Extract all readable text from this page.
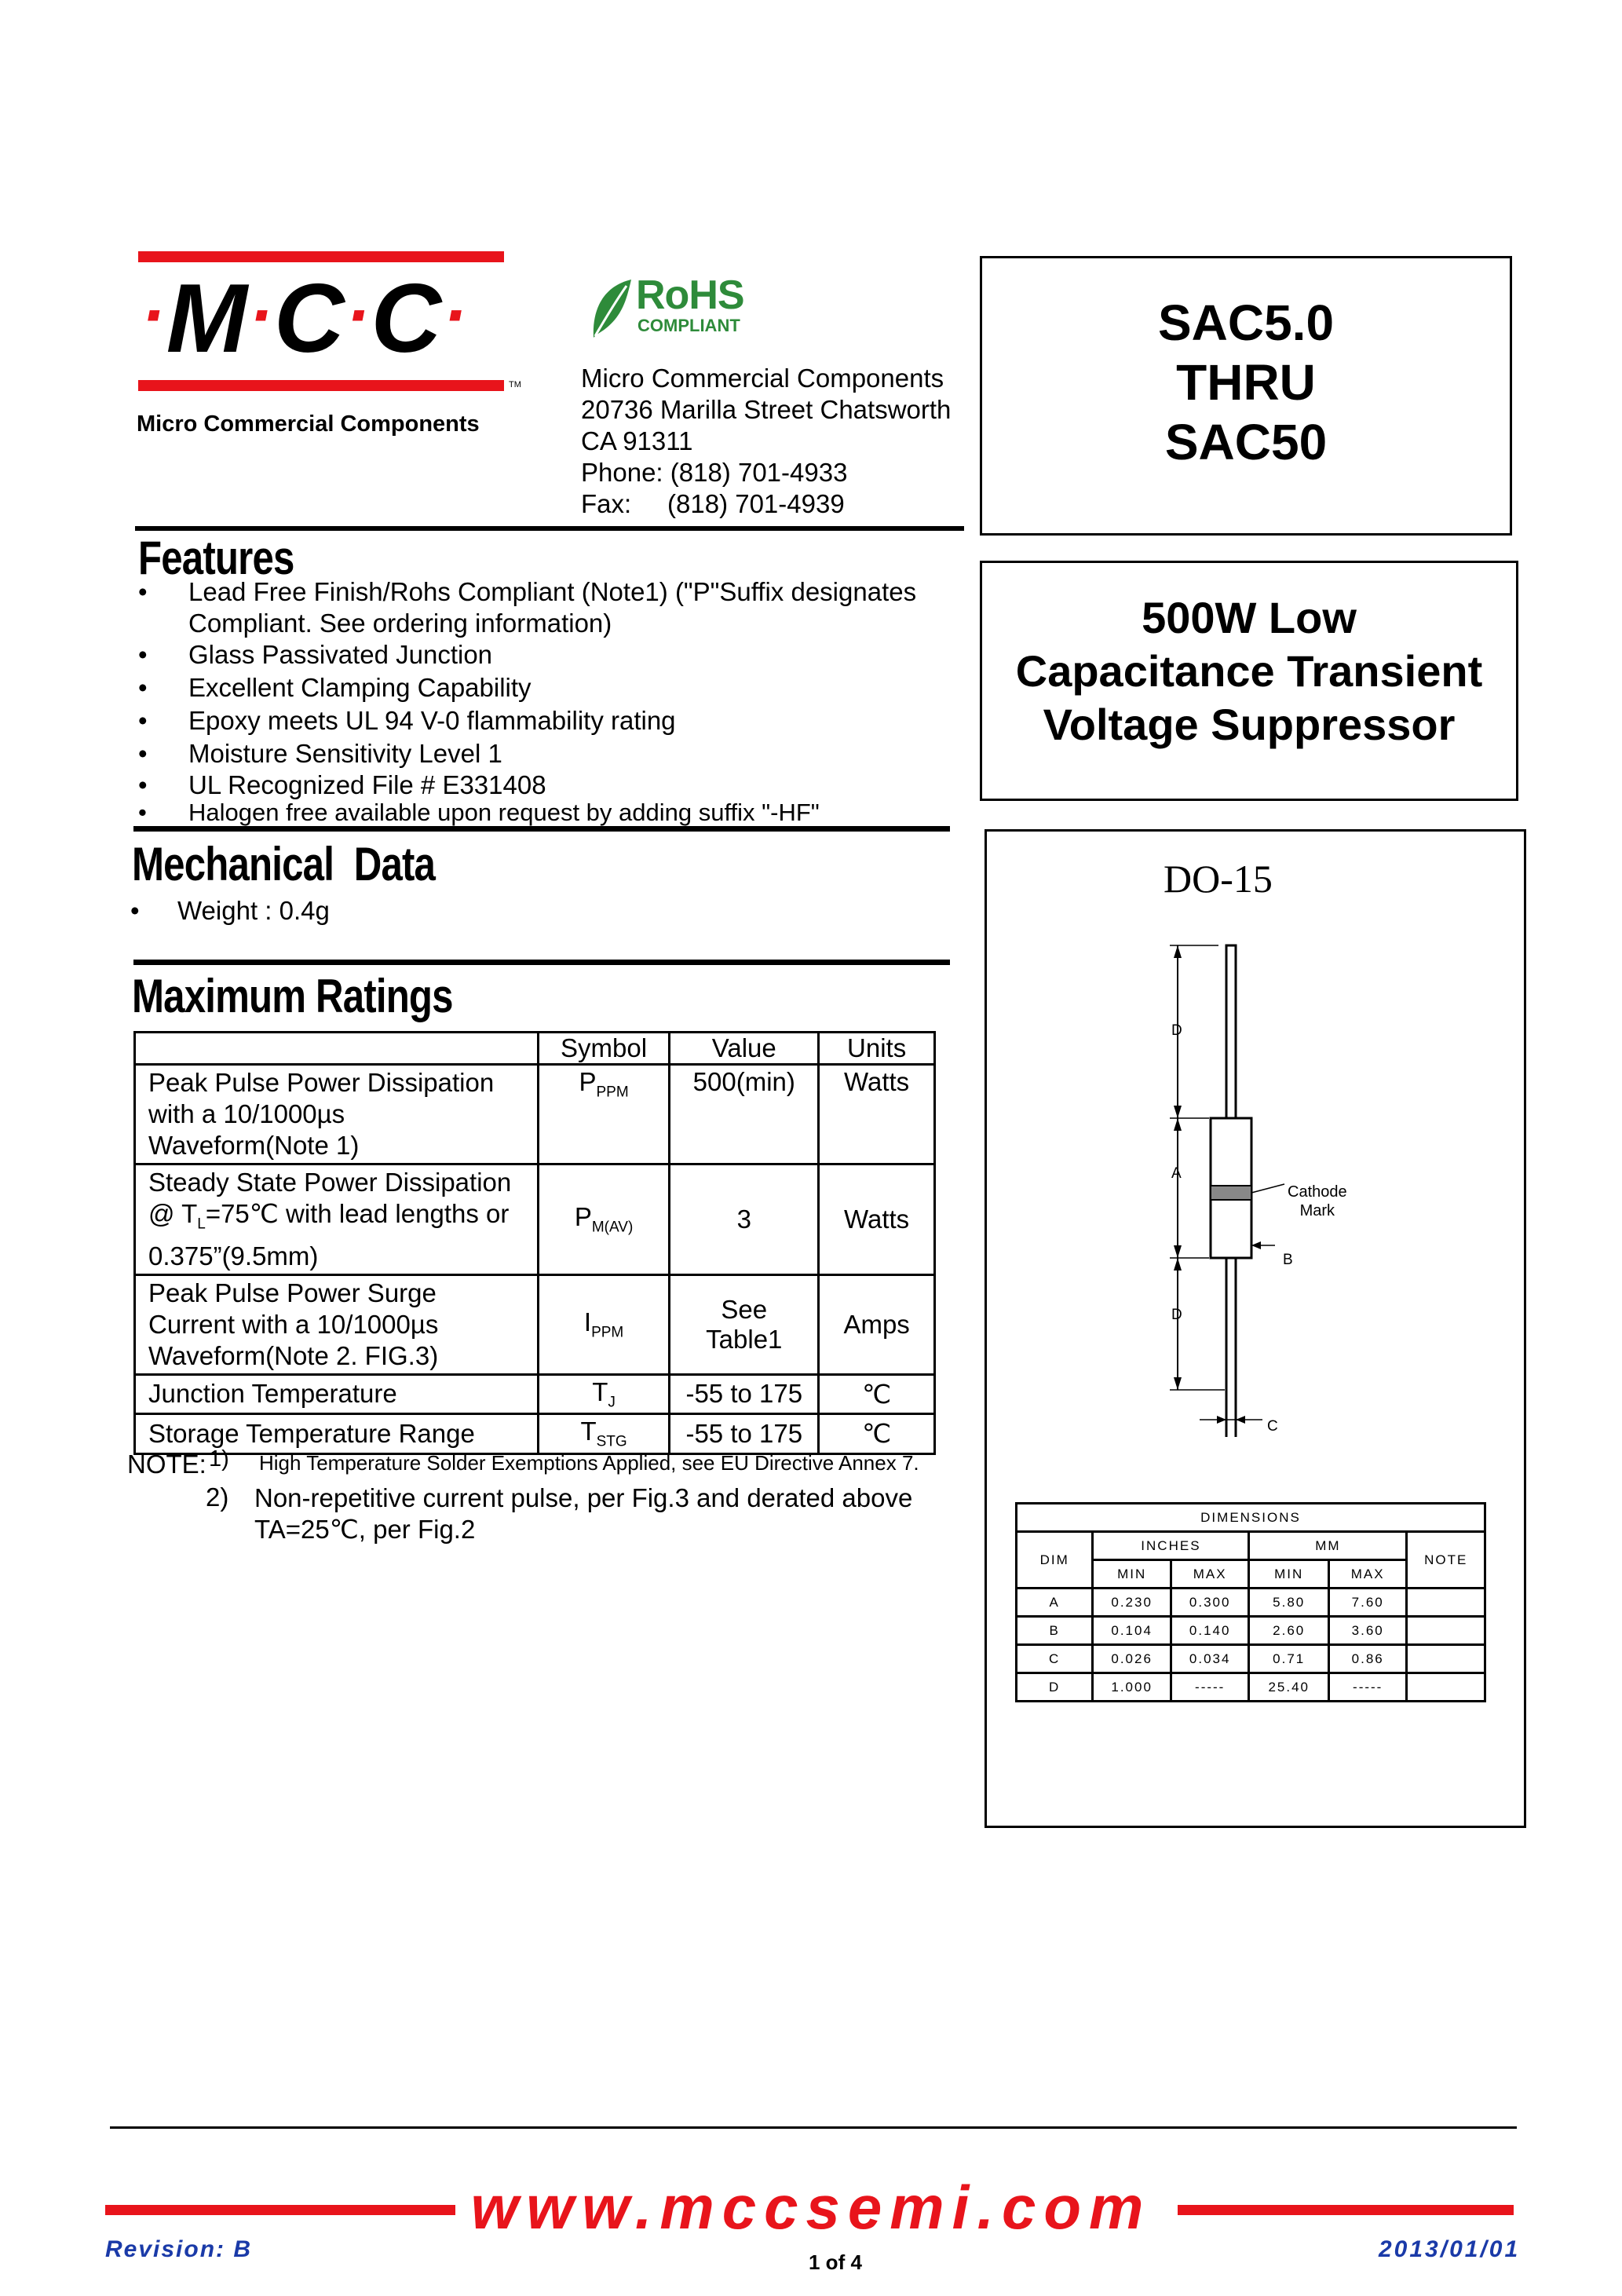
·M·C·C·
TM
Micro Commercial Components
RoHS
COMPLIANT
Micro Commercial Components
20736 Marilla Street Chatsworth
CA 91311
Phone: (818) 701-4933
Fax:     (818) 701-4939
SAC5.0
THRU
SAC50
500W Low
Capacitance Transient
Voltage Suppressor
Features
• Lead Free Finish/Rohs Compliant (Note1) ("P"Suffix designates
Compliant. See ordering information)
• Glass Passivated Junction
• Excellent Clamping Capability
• Epoxy meets UL 94 V-0 flammability rating
• Moisture Sensitivity Level 1
• UL Recognized File # E331408
• Halogen free available upon request by adding suffix "-HF"
Mechanical  Data
• Weight : 0.4g
Maximum Ratings
	Symbol	Value	Units

Peak Pulse Power Dissipation
with a 10/1000µs
Waveform(Note 1)	$P_{PPM}$	500(min)	Watts

Steady State Power Dissipation
@ $T_L=75℃$ with lead lengths or
0.375”(9.5mm)	$P_{M(AV)}$	3	Watts

Peak Pulse Power Surge
Current with a 10/1000µs
Waveform(Note 2. FIG.3)	$I_{PPM}$	See Table1	Amps
Junction Temperature	$T_J$	-55 to 175	℃
Storage Temperature Range	$T_{STG}$	-55 to 175	℃
NOTE: 1) High Temperature Solder Exemptions Applied, see EU Directive Annex 7.
2) Non-repetitive current pulse, per Fig.3 and derated above
TA=25℃, per Fig.2
DO-15
D
A
D
B
C
Cathode
Mark
DIMENSIONS					
DIM	INCHES		MM		NOTE
	MIN	MAX	MIN	MAX	
A	0.230	0.300	5.80	7.60	
B	0.104	0.140	2.60	3.60	
C	0.026	0.034	0.71	0.86	
D	1.000	-----	25.40	-----	
www.mccsemi.com
Revision: B	1 of 4	2013/01/01
